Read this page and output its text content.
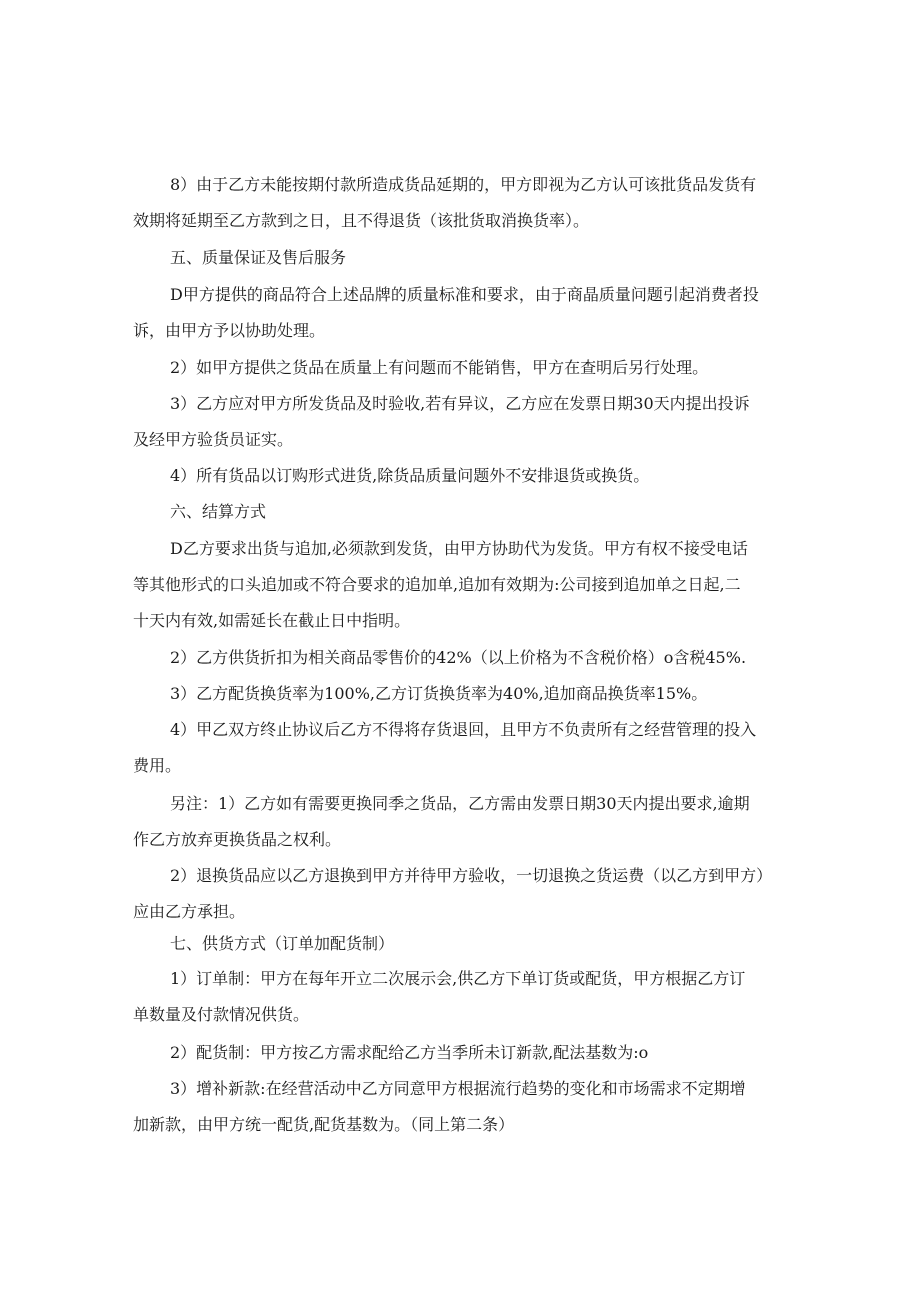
8）由于乙方未能按期付款所造成货品延期的，甲方即视为乙方认可该批货品发货有
效期将延期至乙方款到之日，且不得退货（该批货取消换货率）。

五、质量保证及售后服务

D甲方提供的商品符合上述品牌的质量标准和要求，由于商晶质量问题引起消费者投
诉，由甲方予以协助处理。

2）如甲方提供之货品在质量上有问题而不能销售，甲方在查明后另行处理。

3）乙方应对甲方所发货品及时验收,若有异议，乙方应在发票日期30天内提出投诉
及经甲方验货员证实。

4）所有货品以订购形式进货,除货品质量问题外不安排退货或换货。

六、结算方式

D乙方要求出货与追加,必须款到发货，由甲方协助代为发货。甲方有权不接受电话
等其他形式的口头追加或不符合要求的追加单,追加有效期为:公司接到追加单之日起,二
十天内有效,如需延长在截止日中指明。

2）乙方供货折扣为相关商品零售价的42%（以上价格为不含税价格）o含税45%.

3）乙方配货换货率为100%,乙方订货换货率为40%,追加商品换货率15%。

4）甲乙双方终止协议后乙方不得将存货退回，且甲方不负责所有之经营管理的投入
费用。

另注：1）乙方如有需要更换同季之货品，乙方需由发票日期30天内提出要求,逾期
作乙方放弃更换货晶之权利。

2）退换货品应以乙方退换到甲方并待甲方验收，一切退换之货运费（以乙方到甲方）
应由乙方承担。

七、供货方式（订单加配货制）

1）订单制：甲方在每年开立二次展示会,供乙方下单订货或配货，甲方根据乙方订
单数量及付款情况供货。

2）配货制：甲方按乙方需求配给乙方当季所未订新款,配法基数为:o

3）增补新款:在经营活动中乙方同意甲方根据流行趋势的变化和市场需求不定期增
加新款，由甲方统一配货,配货基数为。（同上第二条）
